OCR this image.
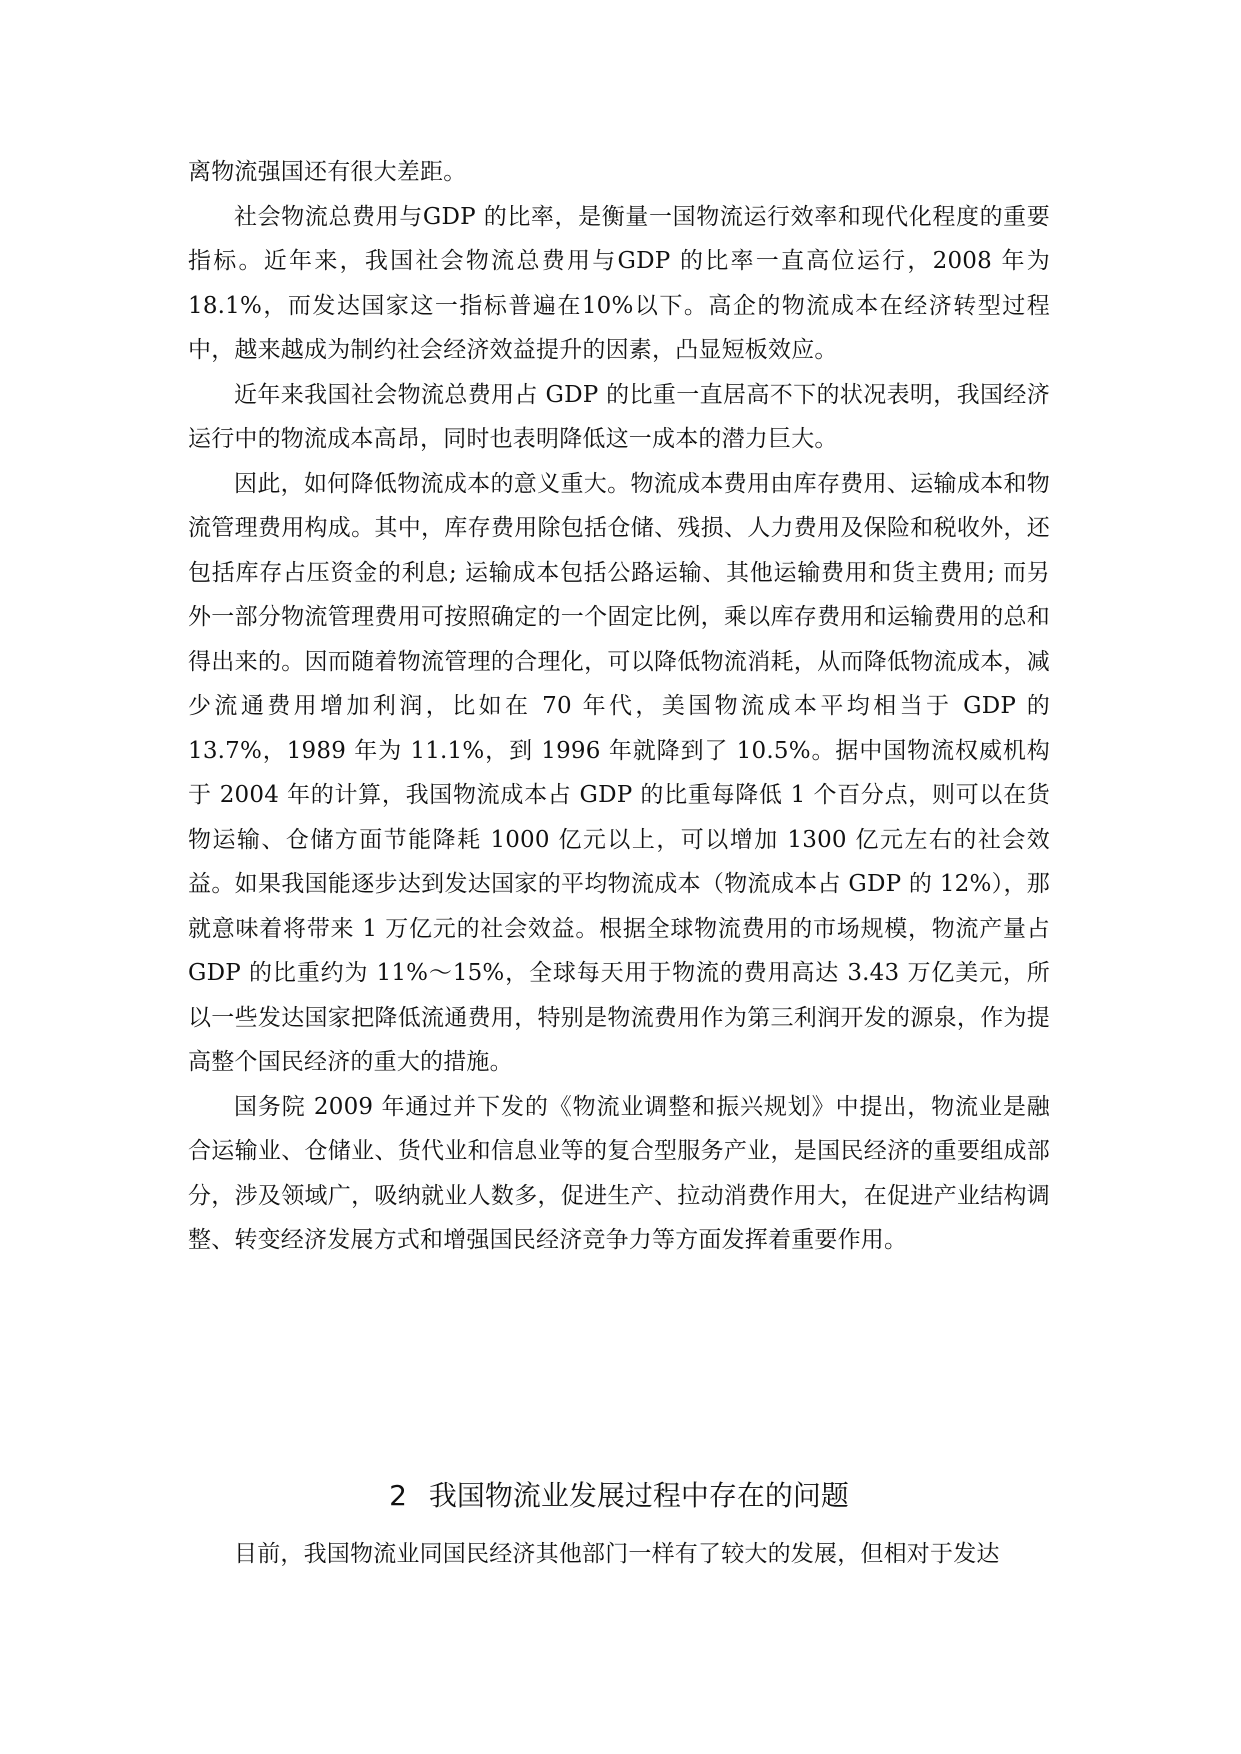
离物流强国还有很大差距。

社会物流总费用与GDP 的比率，是衡量一国物流运行效率和现代化程度的重要指标。近年来，我国社会物流总费用与GDP 的比率一直高位运行，2008 年为18.1%，而发达国家这一指标普遍在10%以下。高企的物流成本在经济转型过程中，越来越成为制约社会经济效益提升的因素，凸显短板效应。

近年来我国社会物流总费用占 GDP 的比重一直居高不下的状况表明，我国经济运行中的物流成本高昂，同时也表明降低这一成本的潜力巨大。

因此，如何降低物流成本的意义重大。物流成本费用由库存费用、运输成本和物流管理费用构成。其中，库存费用除包括仓储、残损、人力费用及保险和税收外，还包括库存占压资金的利息; 运输成本包括公路运输、其他运输费用和货主费用; 而另外一部分物流管理费用可按照确定的一个固定比例，乘以库存费用和运输费用的总和得出来的。因而随着物流管理的合理化，可以降低物流消耗，从而降低物流成本，减少流通费用增加利润，比如在 70 年代，美国物流成本平均相当于 GDP 的 13.7%，1989 年为 11.1%，到 1996 年就降到了 10.5%。据中国物流权威机构于 2004 年的计算，我国物流成本占 GDP 的比重每降低 1 个百分点，则可以在货物运输、仓储方面节能降耗 1000 亿元以上，可以增加 1300 亿元左右的社会效益。如果我国能逐步达到发达国家的平均物流成本（物流成本占 GDP 的 12%），那就意味着将带来 1 万亿元的社会效益。根据全球物流费用的市场规模，物流产量占 GDP 的比重约为 11%～15%，全球每天用于物流的费用高达 3.43 万亿美元，所以一些发达国家把降低流通费用，特别是物流费用作为第三利润开发的源泉，作为提高整个国民经济的重大的措施。

国务院 2009 年通过并下发的《物流业调整和振兴规划》中提出，物流业是融合运输业、仓储业、货代业和信息业等的复合型服务产业，是国民经济的重要组成部分，涉及领域广，吸纳就业人数多，促进生产、拉动消费作用大，在促进产业结构调整、转变经济发展方式和增强国民经济竞争力等方面发挥着重要作用。

2 我国物流业发展过程中存在的问题

目前，我国物流业同国民经济其他部门一样有了较大的发展，但相对于发达
